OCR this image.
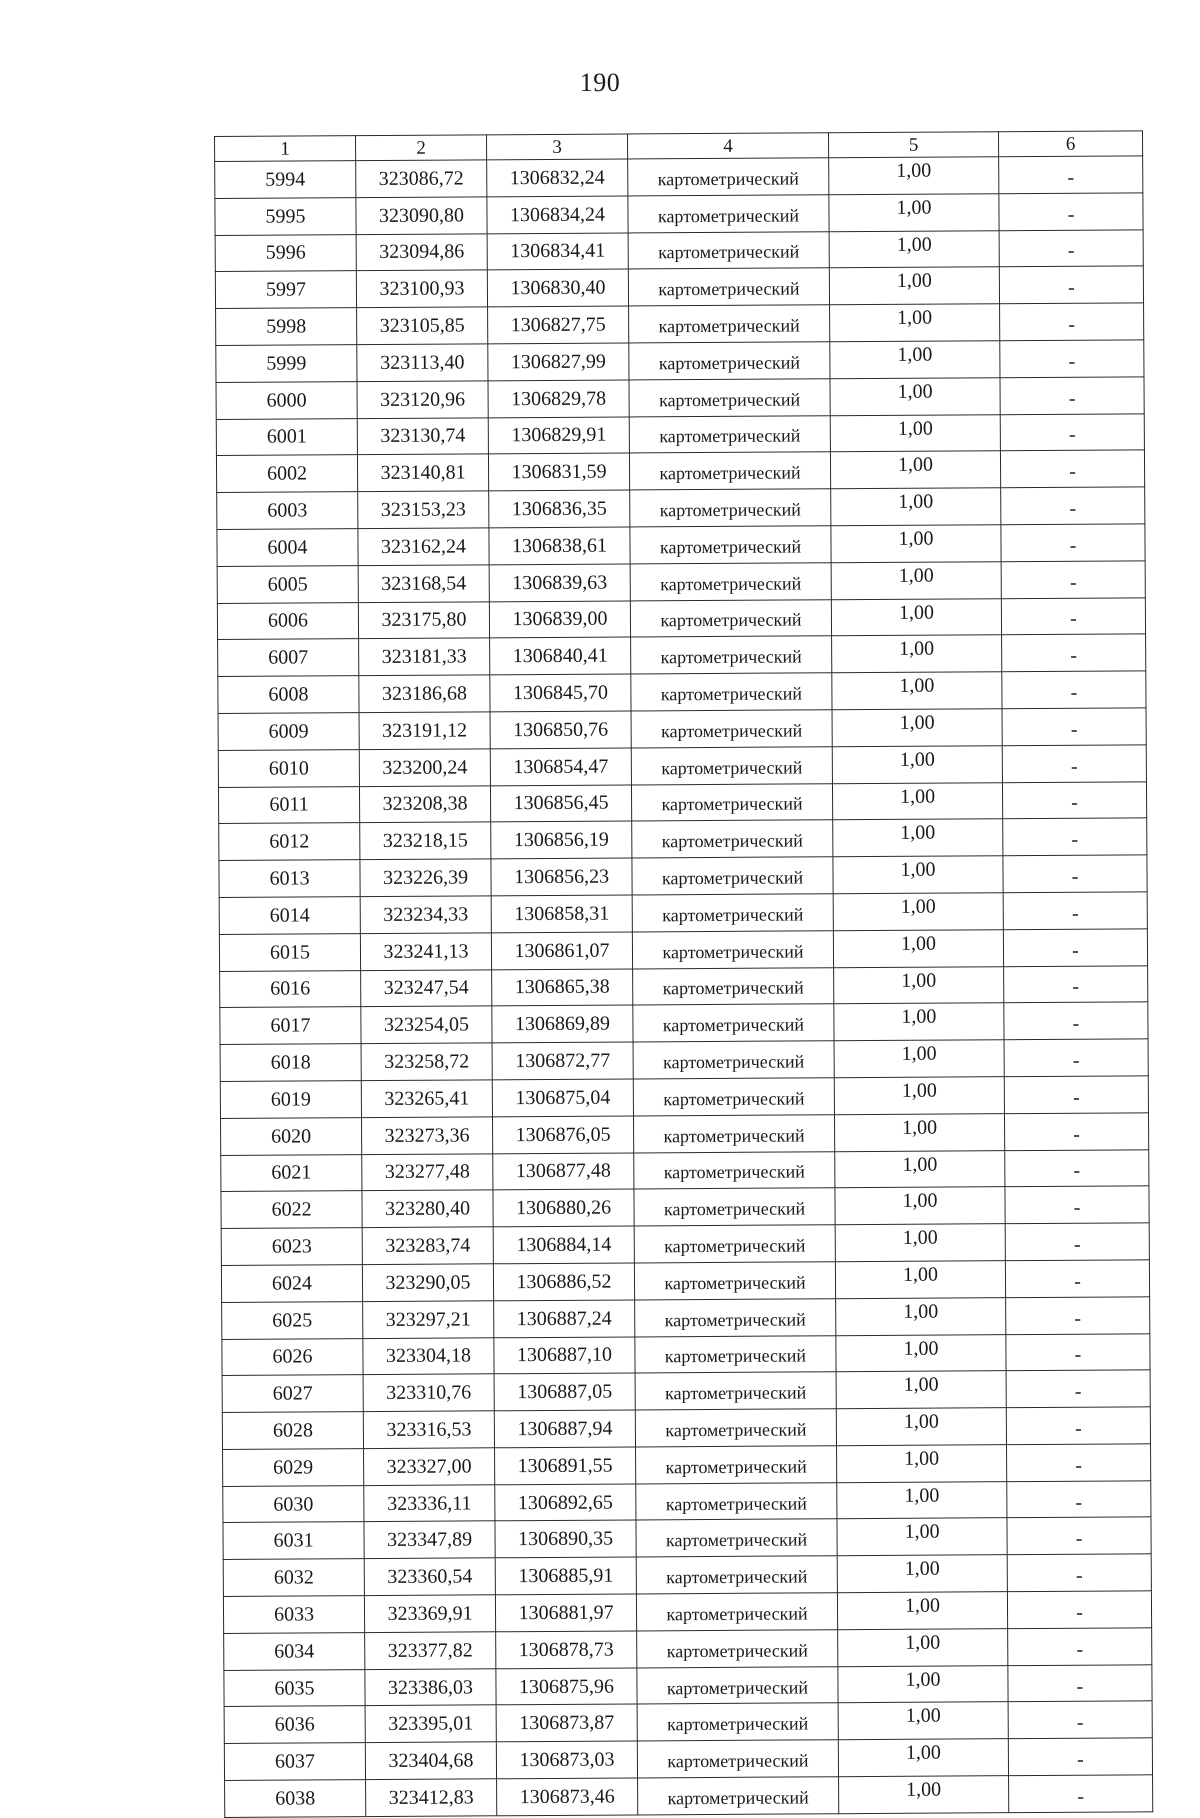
190
1	2	3	4	5	6
5994	323086,72	1306832,24	картометрический	1,00	-
5995	323090,80	1306834,24	картометрический	1,00	-
5996	323094,86	1306834,41	картометрический	1,00	-
5997	323100,93	1306830,40	картометрический	1,00	-
5998	323105,85	1306827,75	картометрический	1,00	-
5999	323113,40	1306827,99	картометрический	1,00	-
6000	323120,96	1306829,78	картометрический	1,00	-
6001	323130,74	1306829,91	картометрический	1,00	-
6002	323140,81	1306831,59	картометрический	1,00	-
6003	323153,23	1306836,35	картометрический	1,00	-
6004	323162,24	1306838,61	картометрический	1,00	-
6005	323168,54	1306839,63	картометрический	1,00	-
6006	323175,80	1306839,00	картометрический	1,00	-
6007	323181,33	1306840,41	картометрический	1,00	-
6008	323186,68	1306845,70	картометрический	1,00	-
6009	323191,12	1306850,76	картометрический	1,00	-
6010	323200,24	1306854,47	картометрический	1,00	-
6011	323208,38	1306856,45	картометрический	1,00	-
6012	323218,15	1306856,19	картометрический	1,00	-
6013	323226,39	1306856,23	картометрический	1,00	-
6014	323234,33	1306858,31	картометрический	1,00	-
6015	323241,13	1306861,07	картометрический	1,00	-
6016	323247,54	1306865,38	картометрический	1,00	-
6017	323254,05	1306869,89	картометрический	1,00	-
6018	323258,72	1306872,77	картометрический	1,00	-
6019	323265,41	1306875,04	картометрический	1,00	-
6020	323273,36	1306876,05	картометрический	1,00	-
6021	323277,48	1306877,48	картометрический	1,00	-
6022	323280,40	1306880,26	картометрический	1,00	-
6023	323283,74	1306884,14	картометрический	1,00	-
6024	323290,05	1306886,52	картометрический	1,00	-
6025	323297,21	1306887,24	картометрический	1,00	-
6026	323304,18	1306887,10	картометрический	1,00	-
6027	323310,76	1306887,05	картометрический	1,00	-
6028	323316,53	1306887,94	картометрический	1,00	-
6029	323327,00	1306891,55	картометрический	1,00	-
6030	323336,11	1306892,65	картометрический	1,00	-
6031	323347,89	1306890,35	картометрический	1,00	-
6032	323360,54	1306885,91	картометрический	1,00	-
6033	323369,91	1306881,97	картометрический	1,00	-
6034	323377,82	1306878,73	картометрический	1,00	-
6035	323386,03	1306875,96	картометрический	1,00	-
6036	323395,01	1306873,87	картометрический	1,00	-
6037	323404,68	1306873,03	картометрический	1,00	-
6038	323412,83	1306873,46	картометрический	1,00	-
